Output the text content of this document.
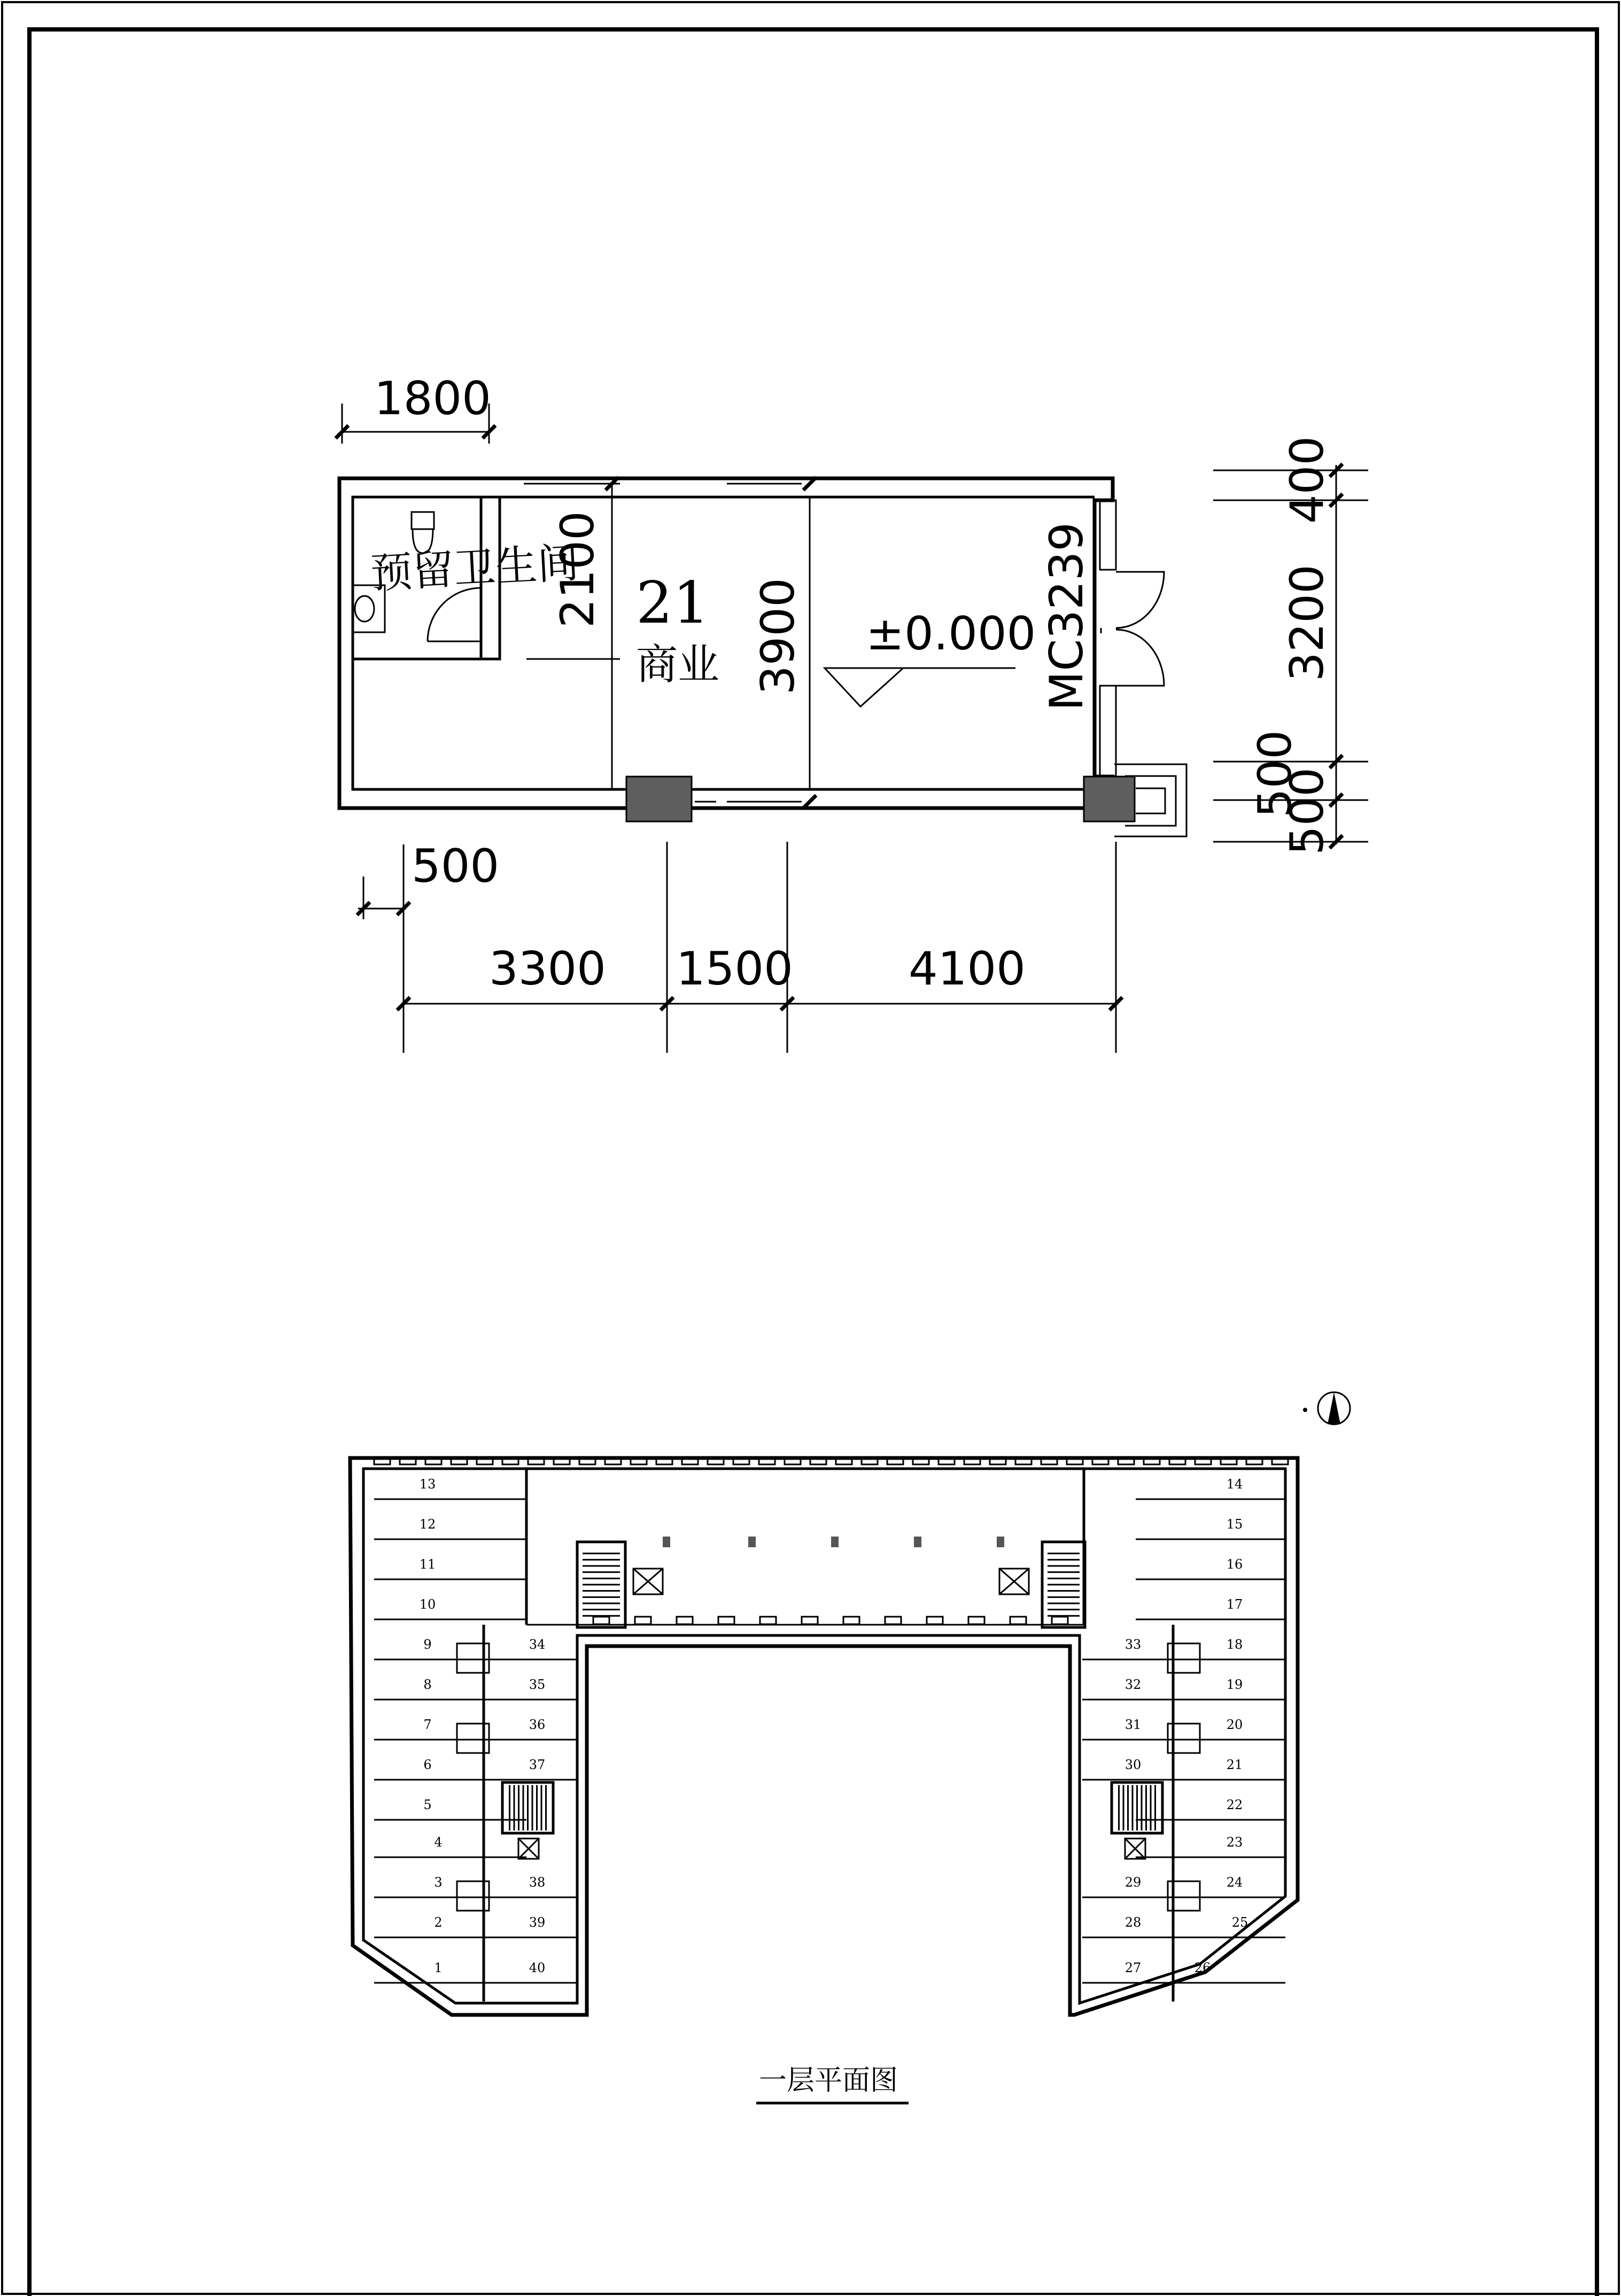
预留卫生间
21
商业
±0.000 MC3239
1800
2100
3900
400
3200
500
500
500
3300 1500	4100
13
12
11
10
9
8
7
6
5
4
3
2
1
34
35
36
37
38
39
40
14
15
16
17
18
19
20
21
22
23
24
25
26
33
32
31
30
29
28
27
一层平面图
